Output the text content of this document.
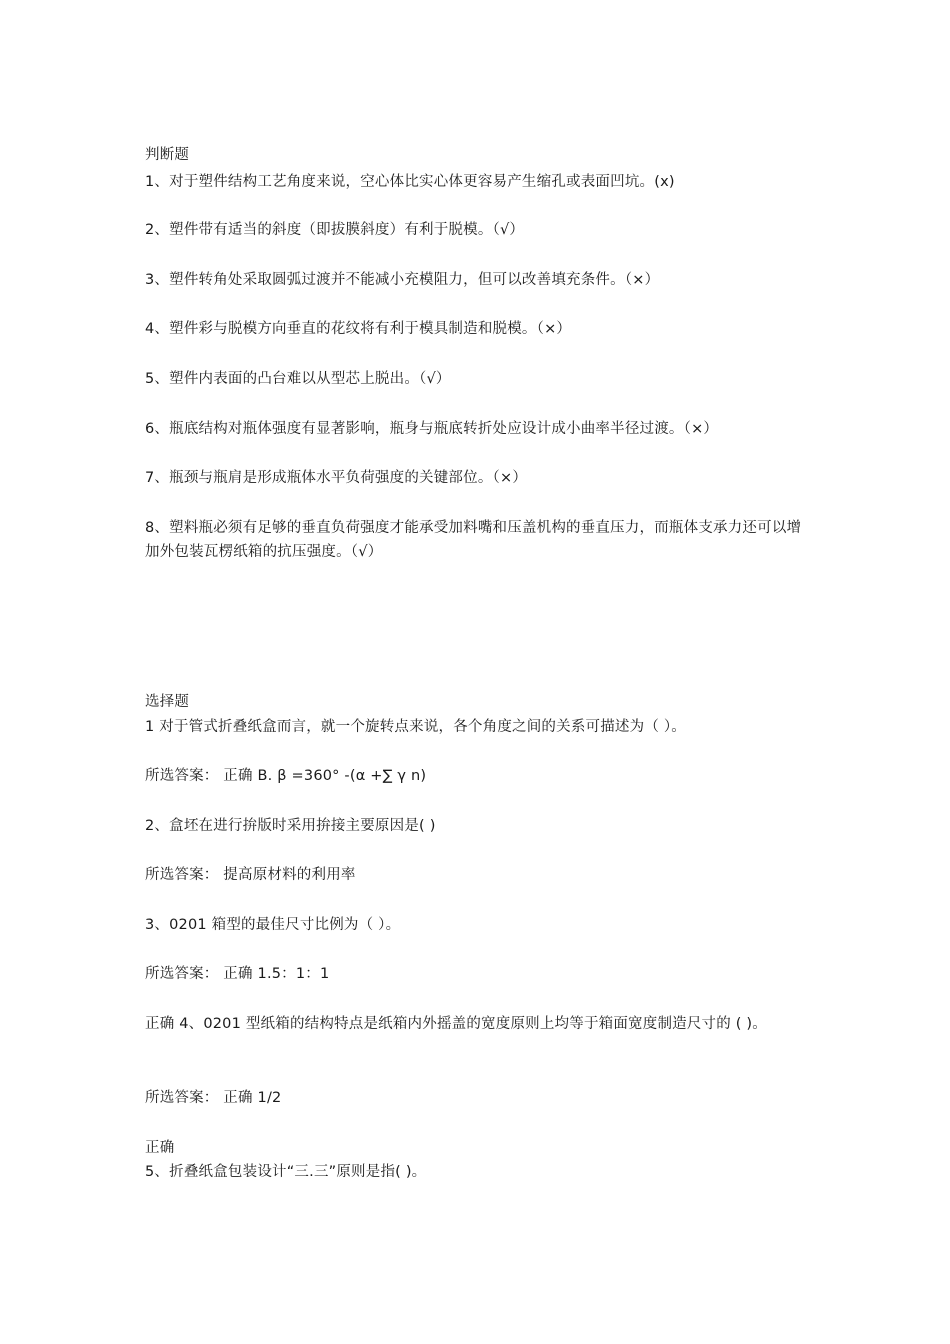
判断题
1、对于塑件结构工艺角度来说，空心体比实心体更容易产生缩孔或表面凹坑。(x)
2、塑件带有适当的斜度（即拔膜斜度）有利于脱模。（√）
3、塑件转角处采取圆弧过渡并不能减小充模阻力，但可以改善填充条件。（×）
4、塑件彩与脱模方向垂直的花纹将有利于模具制造和脱模。（×）
5、塑件内表面的凸台难以从型芯上脱出。（√）
6、瓶底结构对瓶体强度有显著影响，瓶身与瓶底转折处应设计成小曲率半径过渡。（×）
7、瓶颈与瓶肩是形成瓶体水平负荷强度的关键部位。（×）
8、塑料瓶必须有足够的垂直负荷强度才能承受加料嘴和压盖机构的垂直压力，而瓶体支承力还可以增加外包装瓦楞纸箱的抗压强度。（√）
选择题
1 对于管式折叠纸盒而言，就一个旋转点来说，各个角度之间的关系可描述为（ ）。
所选答案： 正确 B. β =360° -(α +∑ γ n)
2、盒坯在进行拚版时采用拚接主要原因是( )
所选答案： 提高原材料的利用率
3、0201 箱型的最佳尺寸比例为（ ）。
所选答案： 正确 1.5：1：1
正确 4、0201 型纸箱的结构特点是纸箱内外摇盖的宽度原则上均等于箱面宽度制造尺寸的 ( )。
所选答案： 正确 1/2
正确
5、折叠纸盒包装设计“三.三”原则是指( )。
